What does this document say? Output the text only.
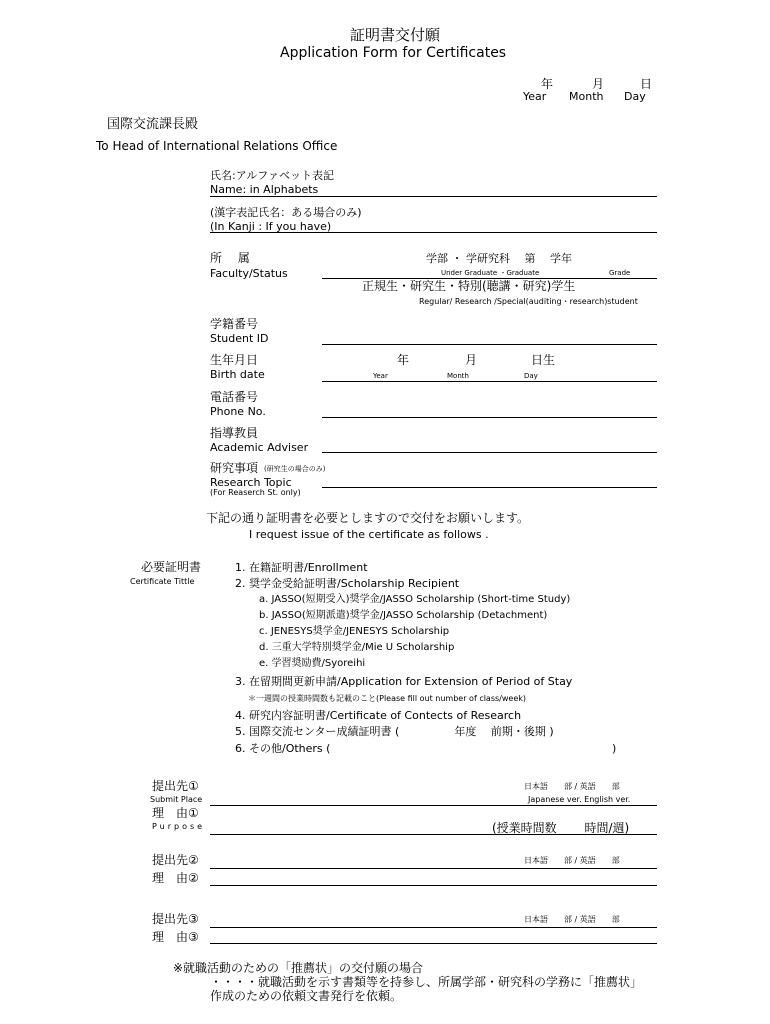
証明書交付願
Application Form for Certificates
年	月	日
Year Month Day
国際交流課長殿
To Head of International Relations Office
氏名:アルファベット表記
Name: in Alphabets
(漢字表記氏名：ある場合のみ)
(In Kanji : If you have)
所　 属
Faculty/Status
学部 ・ 学研究科　 第　 学年
Under Graduate ・Graduate	Grade
正規生・研究生・特別(聴講・研究)学生
Regular/ Research /Special(auditing・research)student
学籍番号
Student ID
生年月日
Birth date
年	月	日生
Year	Month	Day
電話番号
Phone No.
指導教員
Academic Adviser
研究事項 (研究生の場合のみ)
Research Topic
(For Reaserch St. only)
下記の通り証明書を必要としますので交付をお願いします。
I request issue of the certificate as follows .
必要証明書
Certificate Tittle
1. 在籍証明書/Enrollment
2. 奨学金受給証明書/Scholarship Recipient
a. JASSO(短期受入)奨学金/JASSO Scholarship (Short-time Study)
b. JASSO(短期派遣)奨学金/JASSO Scholarship (Detachment)
c. JENESYS奨学金/JENESYS Scholarship
d. 三重大学特別奨学金/Mie U Scholarship
e. 学習奨励費/Syoreihi
3. 在留期間更新申請/Application for Extension of Period of Stay
＊一週間の授業時間数も記載のこと(Please fill out number of class/week)
4. 研究内容証明書/Certificate of Contects of Research
5. 国際交流センター成績証明書 (　　　　　年度　 前期・後期 )
6. その他/Others (	)
提出先①
Submit Place
日本語　　部 / 英語　　部
Japanese ver. English ver.
理　由①
Purpose	(授業時間数　　 時間/週)
提出先②	日本語　　部 / 英語　　部
理　由②
提出先③	日本語　　部 / 英語　　部
理　由③
※就職活動のための「推薦状」の交付願の場合
・・・・就職活動を示す書類等を持参し、所属学部・研究科の学務に「推薦状」
作成のための依頼文書発行を依頼。
